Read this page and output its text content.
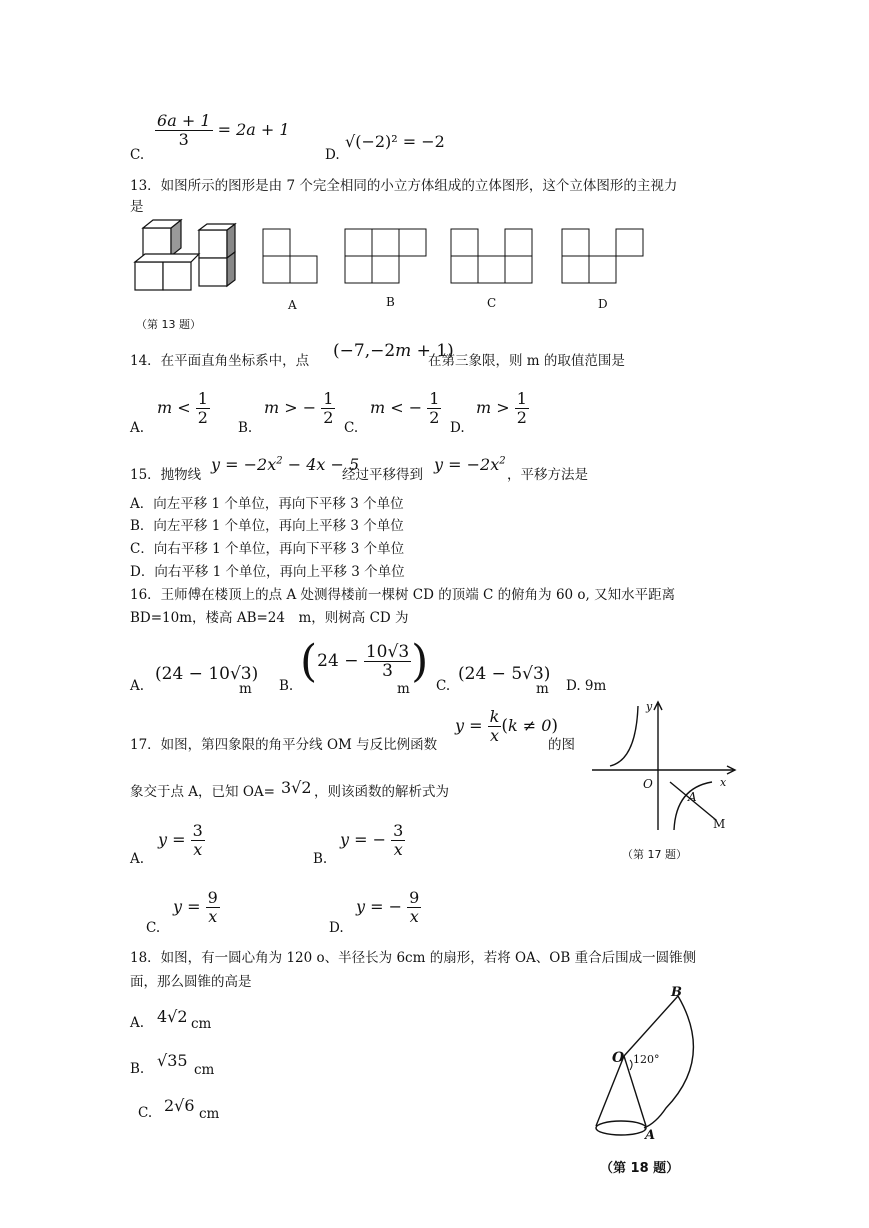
C.
$\frac{6a + 1}{3} = 2a + 1$
D.
√(−2)² = −2
13．如图所示的图形是由 7 个完全相同的小立方体组成的立体图形，这个立体图形的主视力
是
（第 13 题）
A	B	C	D
14．在平面直角坐标系中，点 (−7,−2m + 1)
在第三象限，则 m 的取值范围是
A.
$m < \frac{1}{2}$
B.
m > − $\frac{1}{2}$
C.
m < − $\frac{1}{2}$
D.
$m > \frac{1}{2}$
15．抛物线
$y = -2x^2 - 4x - 5$
经过平移得到
$y = -2x^2$
，平移方法是
A．向左平移 1 个单位，再向下平移 3 个单位
B．向左平移 1 个单位，再向上平移 3 个单位
C．向右平移 1 个单位，再向下平移 3 个单位
D．向右平移 1 个单位，再向上平移 3 个单位
16．王师傅在楼顶上的点 A 处测得楼前一棵树 CD 的顶端 C 的俯角为 60 o, 又知水平距离
BD=10m，楼高 AB=24　m，则树高 CD 为
A.
(24 − 10√3)
m B. ($24 - \frac{10√3}{3}$ )
m C.
(24 − 5√3)
m D. 9m
17．如图，第四象限的角平分线 OM 与反比例函数
$y = \frac{k}{x} (k \ne 0)$
的图
象交于点 A，已知 OA= 3√2 ，则该函数的解析式为
y
x
O
A
M
（第 17 题）
A.
$y = \frac{3}{x}$	B.
y = − $\frac{3}{x}$
C.
$y = \frac{9}{x}$
D.
y = − $\frac{9}{x}$
18．如图，有一圆心角为 120 o、半径长为 6cm 的扇形，若将 OA、OB 重合后围成一圆锥侧
面，那么圆锥的高是
A. 4√2 cm
B. √35 cm
C. 2√6 cm
B
O 120°
A
（第 18 题）
